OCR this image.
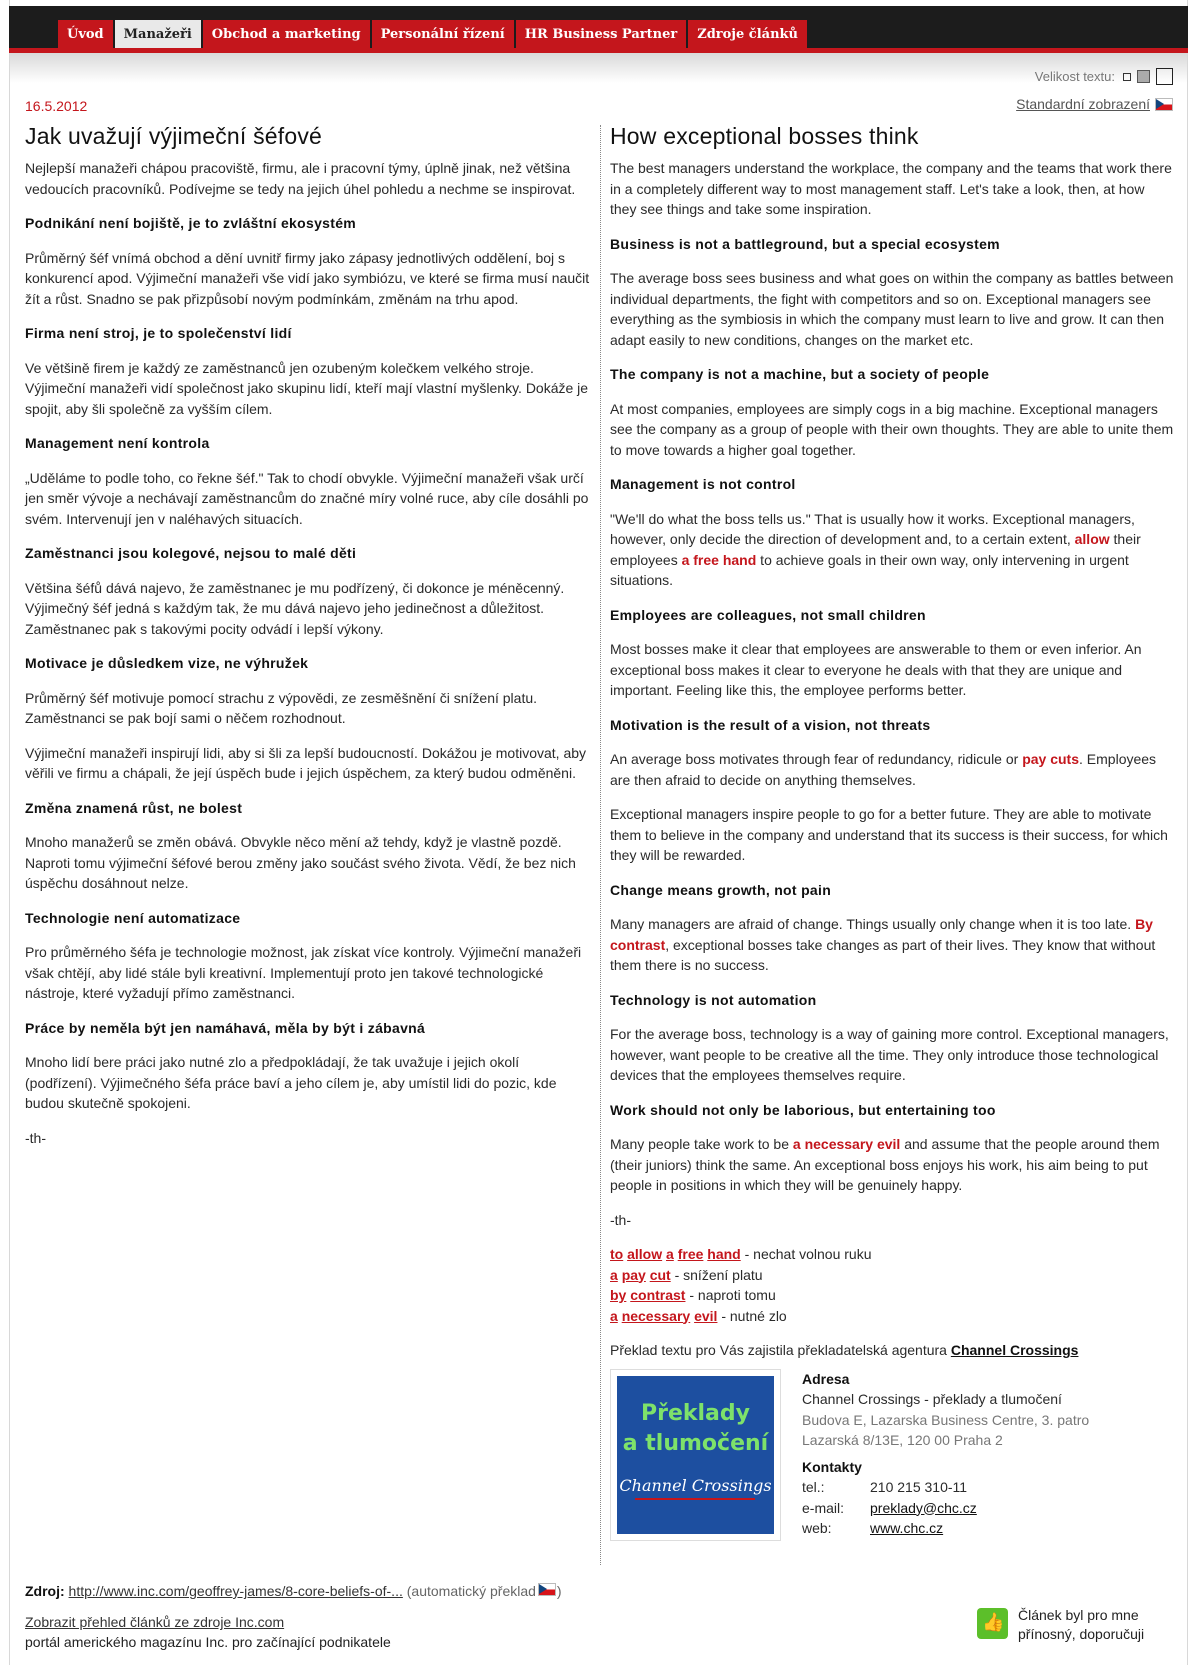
Úvod	Manažeři	Obchod a marketing	Personální řízení	HR Business Partner	Zdroje článků
Velikost textu:
Standardní zobrazení
16.5.2012
Jak uvažují výjimeční šéfové

Nejlepší manažeři chápou pracoviště, firmu, ale i pracovní týmy, úplně jinak, než většina vedoucích pracovníků. Podívejme se tedy na jejich úhel pohledu a nechme se inspirovat.

Podnikání není bojiště, je to zvláštní ekosystém

Průměrný šéf vnímá obchod a dění uvnitř firmy jako zápasy jednotlivých oddělení, boj s konkurencí apod. Výjimeční manažeři vše vidí jako symbiózu, ve které se firma musí naučit žít a růst. Snadno se pak přizpůsobí novým podmínkám, změnám na trhu apod.

Firma není stroj, je to společenství lidí

Ve většině firem je každý ze zaměstnanců jen ozubeným kolečkem velkého stroje. Výjimeční manažeři vidí společnost jako skupinu lidí, kteří mají vlastní myšlenky. Dokáže je spojit, aby šli společně za vyšším cílem.

Management není kontrola

„Uděláme to podle toho, co řekne šéf." Tak to chodí obvykle. Výjimeční manažeři však určí jen směr vývoje a nechávají zaměstnancům do značné míry volné ruce, aby cíle dosáhli po svém. Intervenují jen v naléhavých situacích.

Zaměstnanci jsou kolegové, nejsou to malé děti

Většina šéfů dává najevo, že zaměstnanec je mu podřízený, či dokonce je méněcenný. Výjimečný šéf jedná s každým tak, že mu dává najevo jeho jedinečnost a důležitost. Zaměstnanec pak s takovými pocity odvádí i lepší výkony.

Motivace je důsledkem vize, ne výhružek

Průměrný šéf motivuje pomocí strachu z výpovědi, ze zesměšnění či snížení platu. Zaměstnanci se pak bojí sami o něčem rozhodnout.

Výjimeční manažeři inspirují lidi, aby si šli za lepší budoucností. Dokážou je motivovat, aby věřili ve firmu a chápali, že její úspěch bude i jejich úspěchem, za který budou odměněni.

Změna znamená růst, ne bolest

Mnoho manažerů se změn obává. Obvykle něco mění až tehdy, když je vlastně pozdě. Naproti tomu výjimeční šéfové berou změny jako součást svého života. Vědí, že bez nich úspěchu dosáhnout nelze.

Technologie není automatizace

Pro průměrného šéfa je technologie možnost, jak získat více kontroly. Výjimeční manažeři však chtějí, aby lidé stále byli kreativní. Implementují proto jen takové technologické nástroje, které vyžadují přímo zaměstnanci.

Práce by neměla být jen namáhavá, měla by být i zábavná

Mnoho lidí bere práci jako nutné zlo a předpokládají, že tak uvažuje i jejich okolí (podřízení). Výjimečného šéfa práce baví a jeho cílem je, aby umístil lidi do pozic, kde budou skutečně spokojeni.

-th-

How exceptional bosses think

The best managers understand the workplace, the company and the teams that work there in a completely different way to most management staff. Let's take a look, then, at how they see things and take some inspiration.

Business is not a battleground, but a special ecosystem

The average boss sees business and what goes on within the company as battles between individual departments, the fight with competitors and so on. Exceptional managers see everything as the symbiosis in which the company must learn to live and grow. It can then adapt easily to new conditions, changes on the market etc.

The company is not a machine, but a society of people

At most companies, employees are simply cogs in a big machine. Exceptional managers see the company as a group of people with their own thoughts. They are able to unite them to move towards a higher goal together.

Management is not control

"We'll do what the boss tells us." That is usually how it works. Exceptional managers, however, only decide the direction of development and, to a certain extent, allow their employees a free hand to achieve goals in their own way, only intervening in urgent situations.

Employees are colleagues, not small children

Most bosses make it clear that employees are answerable to them or even inferior. An exceptional boss makes it clear to everyone he deals with that they are unique and important. Feeling like this, the employee performs better.

Motivation is the result of a vision, not threats

An average boss motivates through fear of redundancy, ridicule or pay cuts. Employees are then afraid to decide on anything themselves.

Exceptional managers inspire people to go for a better future. They are able to motivate them to believe in the company and understand that its success is their success, for which they will be rewarded.

Change means growth, not pain

Many managers are afraid of change. Things usually only change when it is too late. By contrast, exceptional bosses take changes as part of their lives. They know that without them there is no success.

Technology is not automation

For the average boss, technology is a way of gaining more control. Exceptional managers, however, want people to be creative all the time. They only introduce those technological devices that the employees themselves require.

Work should not only be laborious, but entertaining too

Many people take work to be a necessary evil and assume that the people around them (their juniors) think the same. An exceptional boss enjoys his work, his aim being to put people in positions in which they will be genuinely happy.

-th-

to allow a free hand - nechat volnou ruku
a pay cut - snížení platu
by contrast - naproti tomu
a necessary evil - nutné zlo
Překlad textu pro Vás zajistila překladatelská agentura Channel Crossings
Překlady
a tlumočení
Channel Crossings
Adresa
Channel Crossings - překlady a tlumočení
Budova E, Lazarska Business Centre, 3. patro
Lazarská 8/13E, 120 00 Praha 2
Kontakty
tel.:	210 215 310-11
e-mail:	preklady@chc.cz
web:	www.chc.cz
Zdroj: http://www.inc.com/geoffrey-james/8-core-beliefs-of-... (automatický překlad )
Zobrazit přehled článků ze zdroje Inc.com
portál amerického magazínu Inc. pro začínající podnikatele
👍
Článek byl pro mne přínosný, doporučuji
